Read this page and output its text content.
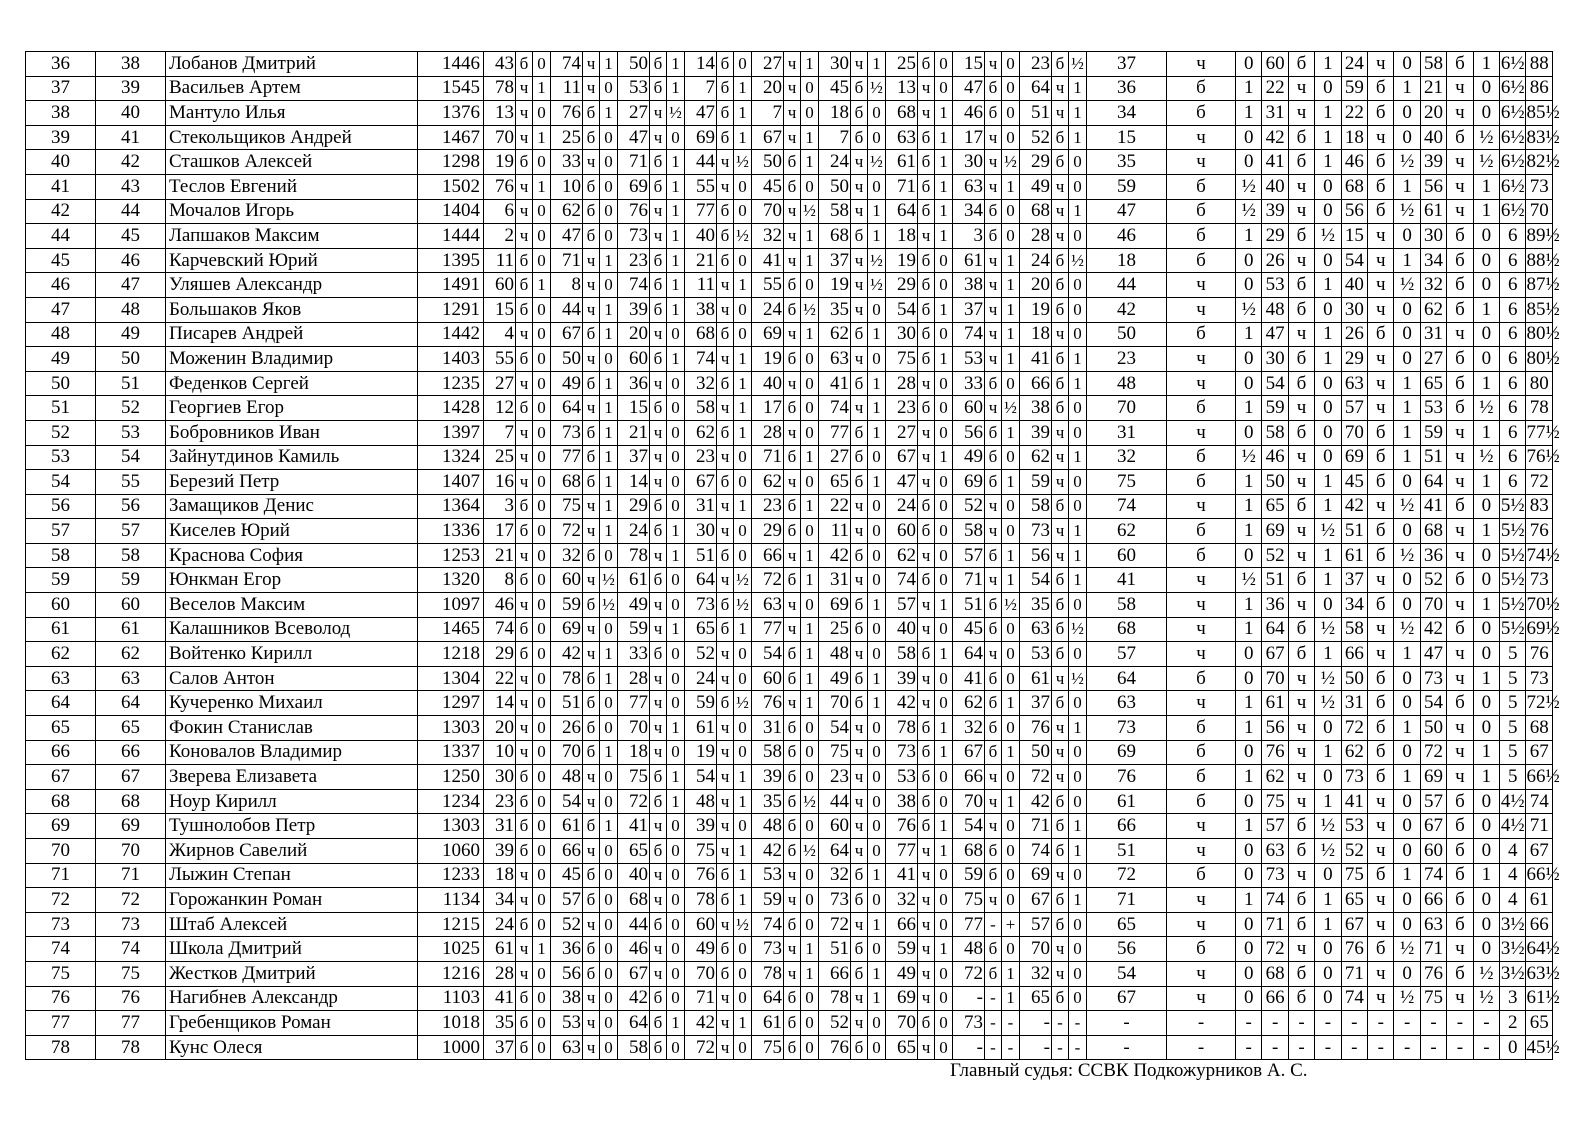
36	38	Лобанов Дмитрий	1446	43	б	0	74	ч	1	50	б	1	14	б	0	27	ч	1	30	ч	1	25	б	0	15	ч	0	23	б	½	37	ч	0	60	б	1	24	ч	0	58	б	1	6½	88
37	39	Васильев Артем	1545	78	ч	1	11	ч	0	53	б	1	7	б	1	20	ч	0	45	б	½	13	ч	0	47	б	0	64	ч	1	36	б	1	22	ч	0	59	б	1	21	ч	0	6½	86
38	40	Мантуло Илья	1376	13	ч	0	76	б	1	27	ч	½	47	б	1	7	ч	0	18	б	0	68	ч	1	46	б	0	51	ч	1	34	б	1	31	ч	1	22	б	0	20	ч	0	6½	85½
39	41	Стекольщиков Андрей	1467	70	ч	1	25	б	0	47	ч	0	69	б	1	67	ч	1	7	б	0	63	б	1	17	ч	0	52	б	1	15	ч	0	42	б	1	18	ч	0	40	б	½	6½	83½
40	42	Сташков Алексей	1298	19	б	0	33	ч	0	71	б	1	44	ч	½	50	б	1	24	ч	½	61	б	1	30	ч	½	29	б	0	35	ч	0	41	б	1	46	б	½	39	ч	½	6½	82½
41	43	Теслов Евгений	1502	76	ч	1	10	б	0	69	б	1	55	ч	0	45	б	0	50	ч	0	71	б	1	63	ч	1	49	ч	0	59	б	½	40	ч	0	68	б	1	56	ч	1	6½	73
42	44	Мочалов Игорь	1404	6	ч	0	62	б	0	76	ч	1	77	б	0	70	ч	½	58	ч	1	64	б	1	34	б	0	68	ч	1	47	б	½	39	ч	0	56	б	½	61	ч	1	6½	70
44	45	Лапшаков Максим	1444	2	ч	0	47	б	0	73	ч	1	40	б	½	32	ч	1	68	б	1	18	ч	1	3	б	0	28	ч	0	46	б	1	29	б	½	15	ч	0	30	б	0	6	89½
45	46	Карчевский Юрий	1395	11	б	0	71	ч	1	23	б	1	21	б	0	41	ч	1	37	ч	½	19	б	0	61	ч	1	24	б	½	18	б	0	26	ч	0	54	ч	1	34	б	0	6	88½
46	47	Уляшев Александр	1491	60	б	1	8	ч	0	74	б	1	11	ч	1	55	б	0	19	ч	½	29	б	0	38	ч	1	20	б	0	44	ч	0	53	б	1	40	ч	½	32	б	0	6	87½
47	48	Большаков Яков	1291	15	б	0	44	ч	1	39	б	1	38	ч	0	24	б	½	35	ч	0	54	б	1	37	ч	1	19	б	0	42	ч	½	48	б	0	30	ч	0	62	б	1	6	85½
48	49	Писарев Андрей	1442	4	ч	0	67	б	1	20	ч	0	68	б	0	69	ч	1	62	б	1	30	б	0	74	ч	1	18	ч	0	50	б	1	47	ч	1	26	б	0	31	ч	0	6	80½
49	50	Моженин Владимир	1403	55	б	0	50	ч	0	60	б	1	74	ч	1	19	б	0	63	ч	0	75	б	1	53	ч	1	41	б	1	23	ч	0	30	б	1	29	ч	0	27	б	0	6	80½
50	51	Феденков Сергей	1235	27	ч	0	49	б	1	36	ч	0	32	б	1	40	ч	0	41	б	1	28	ч	0	33	б	0	66	б	1	48	ч	0	54	б	0	63	ч	1	65	б	1	6	80
51	52	Георгиев Егор	1428	12	б	0	64	ч	1	15	б	0	58	ч	1	17	б	0	74	ч	1	23	б	0	60	ч	½	38	б	0	70	б	1	59	ч	0	57	ч	1	53	б	½	6	78
52	53	Бобровников Иван	1397	7	ч	0	73	б	1	21	ч	0	62	б	1	28	ч	0	77	б	1	27	ч	0	56	б	1	39	ч	0	31	ч	0	58	б	0	70	б	1	59	ч	1	6	77½
53	54	Зайнутдинов Камиль	1324	25	ч	0	77	б	1	37	ч	0	23	ч	0	71	б	1	27	б	0	67	ч	1	49	б	0	62	ч	1	32	б	½	46	ч	0	69	б	1	51	ч	½	6	76½
54	55	Березий Петр	1407	16	ч	0	68	б	1	14	ч	0	67	б	0	62	ч	0	65	б	1	47	ч	0	69	б	1	59	ч	0	75	б	1	50	ч	1	45	б	0	64	ч	1	6	72
56	56	Замащиков Денис	1364	3	б	0	75	ч	1	29	б	0	31	ч	1	23	б	1	22	ч	0	24	б	0	52	ч	0	58	б	0	74	ч	1	65	б	1	42	ч	½	41	б	0	5½	83
57	57	Киселев Юрий	1336	17	б	0	72	ч	1	24	б	1	30	ч	0	29	б	0	11	ч	0	60	б	0	58	ч	0	73	ч	1	62	б	1	69	ч	½	51	б	0	68	ч	1	5½	76
58	58	Краснова София	1253	21	ч	0	32	б	0	78	ч	1	51	б	0	66	ч	1	42	б	0	62	ч	0	57	б	1	56	ч	1	60	б	0	52	ч	1	61	б	½	36	ч	0	5½	74½
59	59	Юнкман Егор	1320	8	б	0	60	ч	½	61	б	0	64	ч	½	72	б	1	31	ч	0	74	б	0	71	ч	1	54	б	1	41	ч	½	51	б	1	37	ч	0	52	б	0	5½	73
60	60	Веселов Максим	1097	46	ч	0	59	б	½	49	ч	0	73	б	½	63	ч	0	69	б	1	57	ч	1	51	б	½	35	б	0	58	ч	1	36	ч	0	34	б	0	70	ч	1	5½	70½
61	61	Калашников Всеволод	1465	74	б	0	69	ч	0	59	ч	1	65	б	1	77	ч	1	25	б	0	40	ч	0	45	б	0	63	б	½	68	ч	1	64	б	½	58	ч	½	42	б	0	5½	69½
62	62	Войтенко Кирилл	1218	29	б	0	42	ч	1	33	б	0	52	ч	0	54	б	1	48	ч	0	58	б	1	64	ч	0	53	б	0	57	ч	0	67	б	1	66	ч	1	47	ч	0	5	76
63	63	Салов Антон	1304	22	ч	0	78	б	1	28	ч	0	24	ч	0	60	б	1	49	б	1	39	ч	0	41	б	0	61	ч	½	64	б	0	70	ч	½	50	б	0	73	ч	1	5	73
64	64	Кучеренко Михаил	1297	14	ч	0	51	б	0	77	ч	0	59	б	½	76	ч	1	70	б	1	42	ч	0	62	б	1	37	б	0	63	ч	1	61	ч	½	31	б	0	54	б	0	5	72½
65	65	Фокин Станислав	1303	20	ч	0	26	б	0	70	ч	1	61	ч	0	31	б	0	54	ч	0	78	б	1	32	б	0	76	ч	1	73	б	1	56	ч	0	72	б	1	50	ч	0	5	68
66	66	Коновалов Владимир	1337	10	ч	0	70	б	1	18	ч	0	19	ч	0	58	б	0	75	ч	0	73	б	1	67	б	1	50	ч	0	69	б	0	76	ч	1	62	б	0	72	ч	1	5	67
67	67	Зверева Елизавета	1250	30	б	0	48	ч	0	75	б	1	54	ч	1	39	б	0	23	ч	0	53	б	0	66	ч	0	72	ч	0	76	б	1	62	ч	0	73	б	1	69	ч	1	5	66½
68	68	Ноур Кирилл	1234	23	б	0	54	ч	0	72	б	1	48	ч	1	35	б	½	44	ч	0	38	б	0	70	ч	1	42	б	0	61	б	0	75	ч	1	41	ч	0	57	б	0	4½	74
69	69	Тушнолобов Петр	1303	31	б	0	61	б	1	41	ч	0	39	ч	0	48	б	0	60	ч	0	76	б	1	54	ч	0	71	б	1	66	ч	1	57	б	½	53	ч	0	67	б	0	4½	71
70	70	Жирнов Савелий	1060	39	б	0	66	ч	0	65	б	0	75	ч	1	42	б	½	64	ч	0	77	ч	1	68	б	0	74	б	1	51	ч	0	63	б	½	52	ч	0	60	б	0	4	67
71	71	Лыжин Степан	1233	18	ч	0	45	б	0	40	ч	0	76	б	1	53	ч	0	32	б	1	41	ч	0	59	б	0	69	ч	0	72	б	0	73	ч	0	75	б	1	74	б	1	4	66½
72	72	Горожанкин Роман	1134	34	ч	0	57	б	0	68	ч	0	78	б	1	59	ч	0	73	б	0	32	ч	0	75	ч	0	67	б	1	71	ч	1	74	б	1	65	ч	0	66	б	0	4	61
73	73	Штаб Алексей	1215	24	б	0	52	ч	0	44	б	0	60	ч	½	74	б	0	72	ч	1	66	ч	0	77	-	+	57	б	0	65	ч	0	71	б	1	67	ч	0	63	б	0	3½	66
74	74	Школа Дмитрий	1025	61	ч	1	36	б	0	46	ч	0	49	б	0	73	ч	1	51	б	0	59	ч	1	48	б	0	70	ч	0	56	б	0	72	ч	0	76	б	½	71	ч	0	3½	64½
75	75	Жестков Дмитрий	1216	28	ч	0	56	б	0	67	ч	0	70	б	0	78	ч	1	66	б	1	49	ч	0	72	б	1	32	ч	0	54	ч	0	68	б	0	71	ч	0	76	б	½	3½	63½
76	76	Нагибнев Александр	1103	41	б	0	38	ч	0	42	б	0	71	ч	0	64	б	0	78	ч	1	69	ч	0	-	-	1	65	б	0	67	ч	0	66	б	0	74	ч	½	75	ч	½	3	61½
77	77	Гребенщиков Роман	1018	35	б	0	53	ч	0	64	б	1	42	ч	1	61	б	0	52	ч	0	70	б	0	73	-	-	-	-	-	-	-	-	-	-	-	-	-	-	-	-	-	2	65
78	78	Кунс Олеся	1000	37	б	0	63	ч	0	58	б	0	72	ч	0	75	б	0	76	б	0	65	ч	0	-	-	-	-	-	-	-	-	-	-	-	-	-	-	-	-	-	-	0	45½
Главный судья: ССВК Подкожурников А. С.
